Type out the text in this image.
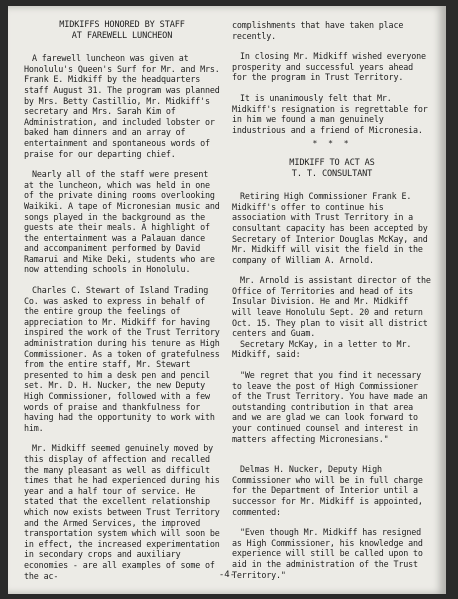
MIDKIFFS HONORED BY STAFF
AT FAREWELL LUNCHEON

A farewell luncheon was given at Honolulu's Queen's Surf for Mr. and Mrs. Frank E. Midkiff by the headquarters staff August 31. The program was planned by Mrs. Betty Castillio, Mr. Midkiff's secretary and Mrs. Sarah Kim of Administration, and included lobster or baked ham dinners and an array of entertainment and spontaneous words of praise for our departing chief.

Nearly all of the staff were present at the luncheon, which was held in one of the private dining rooms overlooking Waikiki. A tape of Micronesian music and songs played in the background as the guests ate their meals. A highlight of the entertainment was a Palauan dance and accompaniment performed by David Ramarui and Mike Deki, students who are now attending schools in Honolulu.

Charles C. Stewart of Island Trading Co. was asked to express in behalf of the entire group the feelings of appreciation to Mr. Midkiff for having inspired the work of the Trust Territory administration during his tenure as High Commissioner. As a token of gratefulness from the entire staff, Mr. Stewart presented to him a desk pen and pencil set. Mr. D. H. Nucker, the new Deputy High Commissioner, followed with a few words of praise and thankfulness for having had the opportunity to work with him.

Mr. Midkiff seemed genuinely moved by this display of affection and recalled the many pleasant as well as difficult times that he had experienced during his year and a half tour of service. He stated that the excellent relationship which now exists between Trust Territory and the Armed Services, the improved transportation system which will soon be in effect, the increased experimentation in secondary crops and auxiliary economies - are all examples of some of the ac-

complishments that have taken place recently.

In closing Mr. Midkiff wished everyone prosperity and successful years ahead for the program in Trust Territory.

It is unanimously felt that Mr. Midkiff's resignation is regrettable for in him we found a man genuinely industrious and a friend of Micronesia.

* * *
MIDKIFF TO ACT AS
T. T. CONSULTANT

Retiring High Commissioner Frank E. Midkiff's offer to continue his association with Trust Territory in a consultant capacity has been accepted by Secretary of Interior Douglas McKay, and Mr. Midkiff will visit the field in the company of William A. Arnold.

Mr. Arnold is assistant director of the Office of Territories and head of its Insular Division. He and Mr. Midkiff will leave Honolulu Sept. 20 and return Oct. 15. They plan to visit all district centers and Guam.

Secretary McKay, in a letter to Mr. Midkiff, said:

"We regret that you find it necessary to leave the post of High Commissioner of the Trust Territory. You have made an outstanding contribution in that area and we are glad we can look forward to your continued counsel and interest in matters affecting Micronesians."

Delmas H. Nucker, Deputy High Commissioner who will be in full charge for the Department of Interior until a successor for Mr. Midkiff is appointed, commented:

"Even though Mr. Midkiff has resigned as High Commissioner, his knowledge and experience will still be called upon to aid in the administration of the Trust Territory."

-4-
